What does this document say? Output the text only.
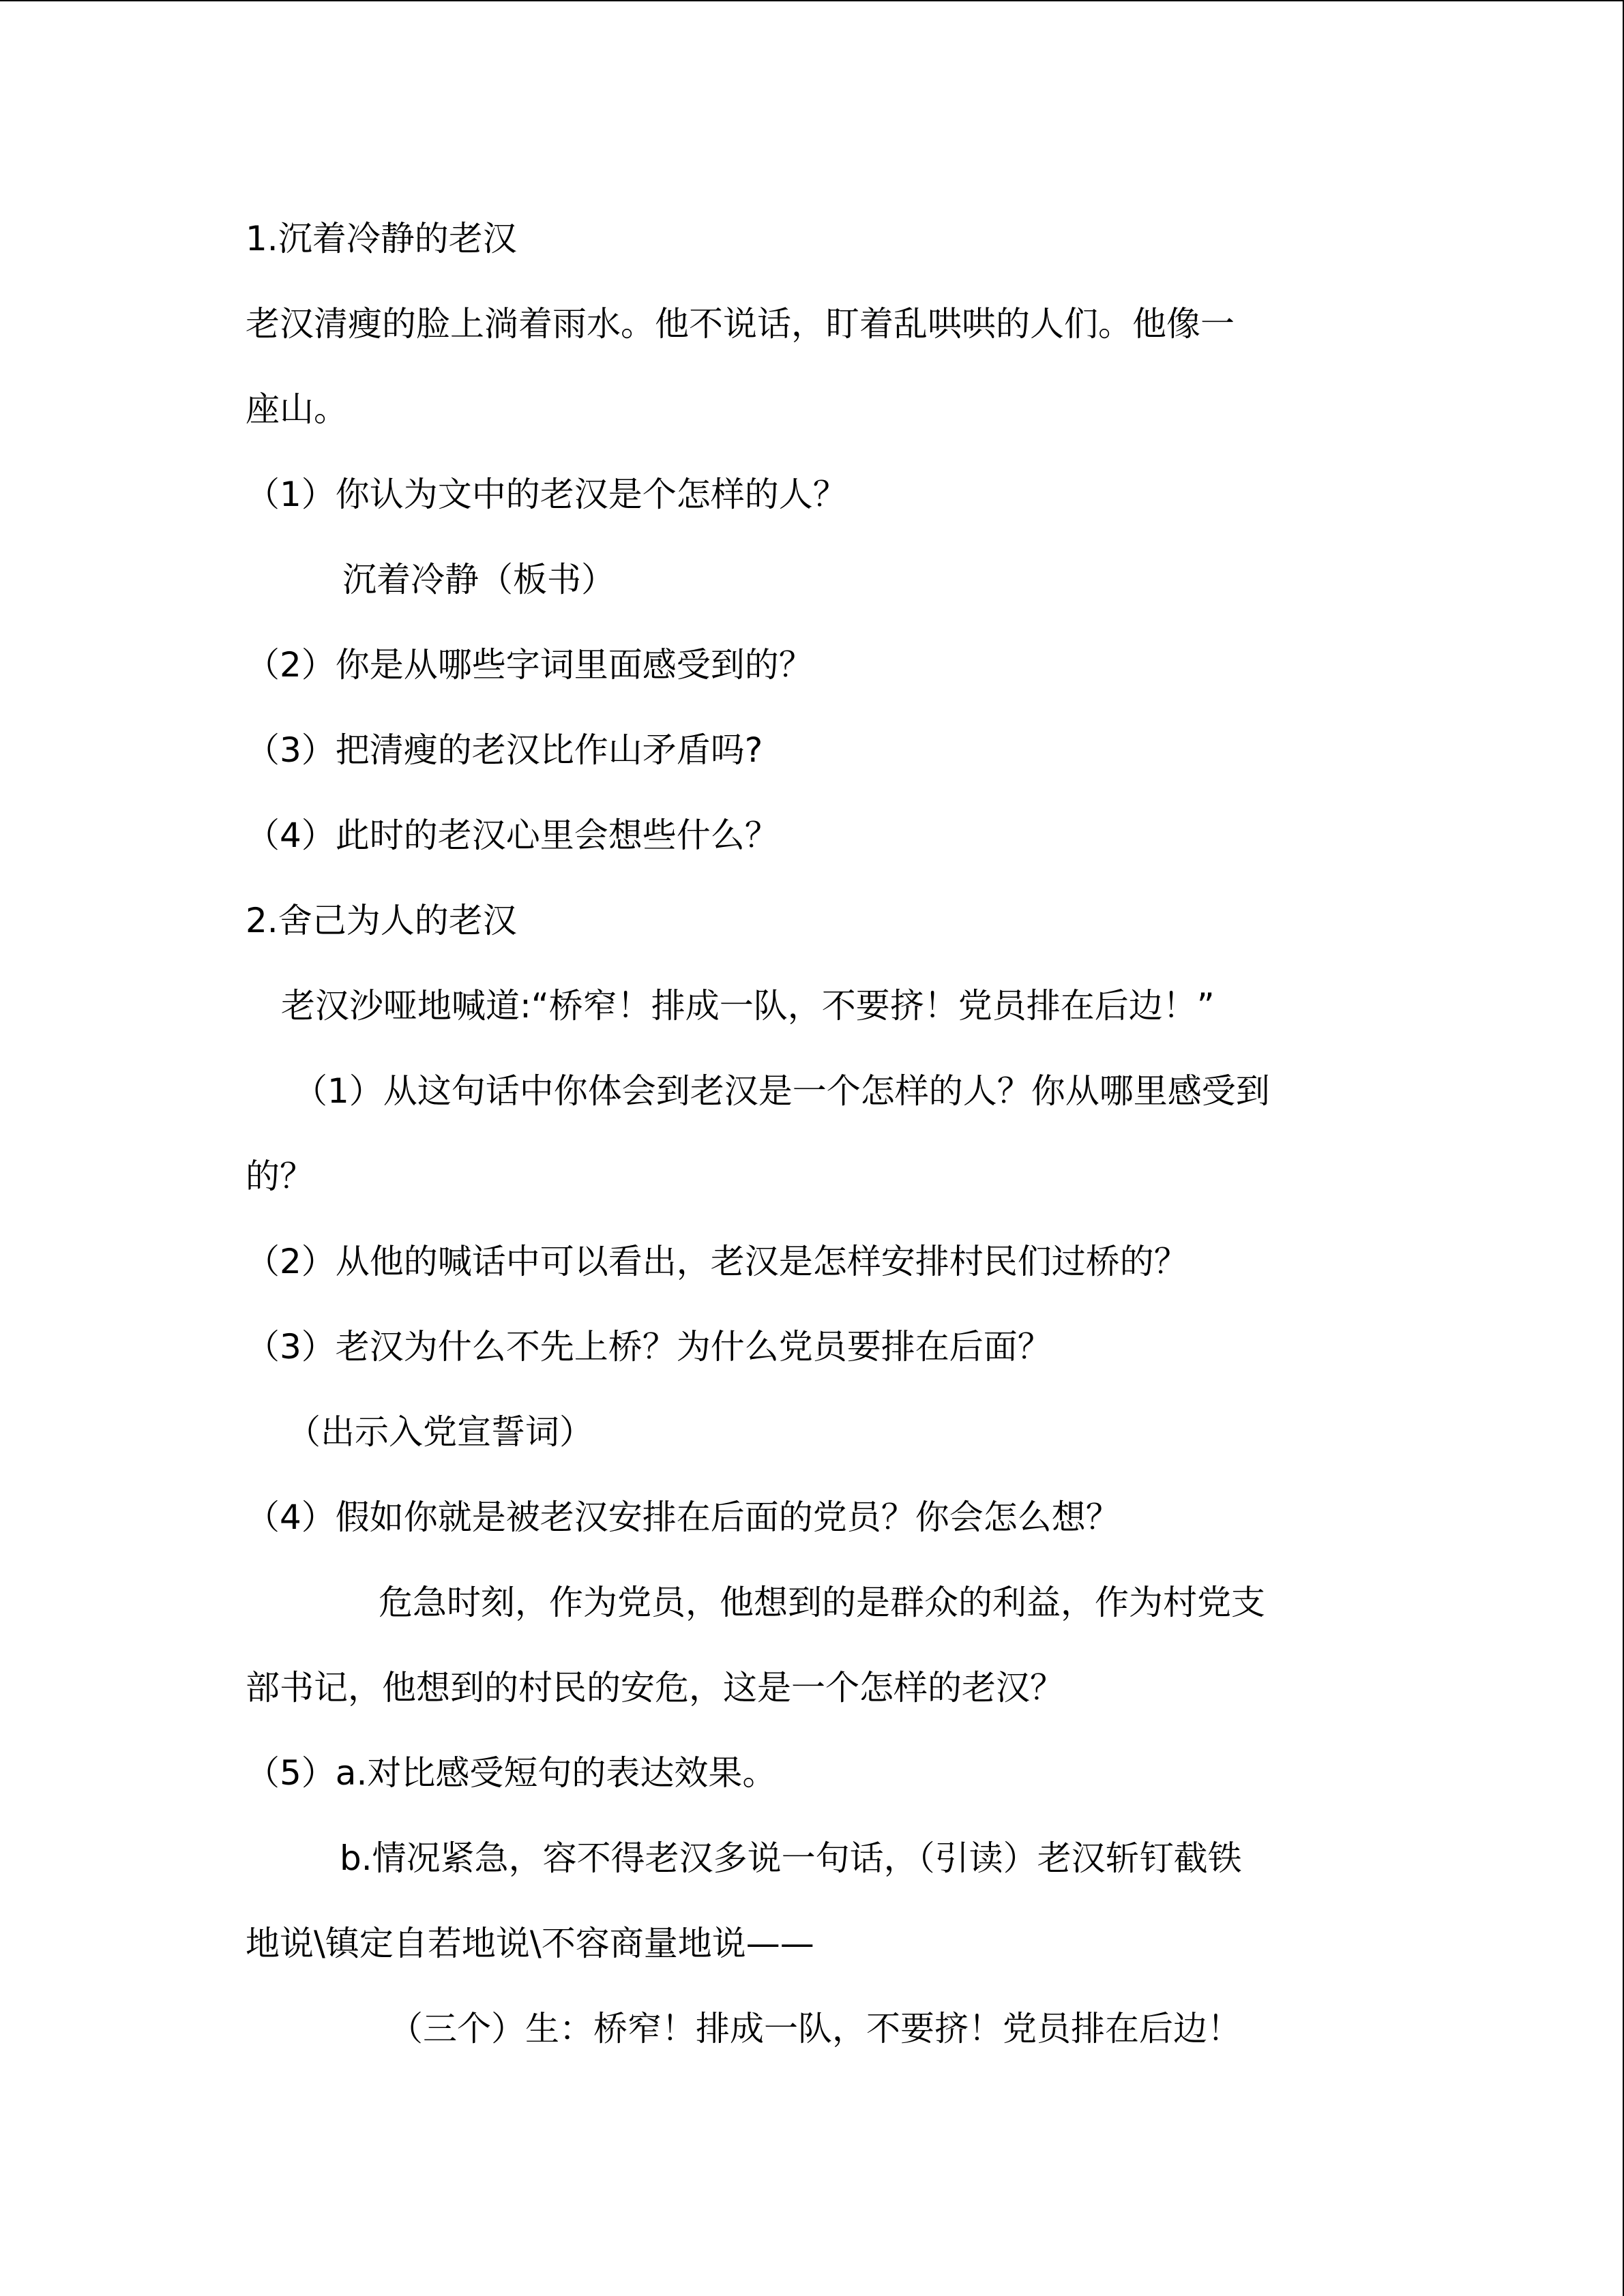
1.沉着冷静的老汉
老汉清瘦的脸上淌着雨水。他不说话，盯着乱哄哄的人们。他像一
座山。
（1）你认为文中的老汉是个怎样的人？
沉着冷静（板书）
（2）你是从哪些字词里面感受到的？
（3）把清瘦的老汉比作山矛盾吗?
（4）此时的老汉心里会想些什么？
2.舍己为人的老汉
老汉沙哑地喊道:“桥窄！排成一队，不要挤！党员排在后边！”
（1）从这句话中你体会到老汉是一个怎样的人？你从哪里感受到
的？
（2）从他的喊话中可以看出，老汉是怎样安排村民们过桥的？
（3）老汉为什么不先上桥？为什么党员要排在后面？
（出示入党宣誓词）
（4）假如你就是被老汉安排在后面的党员？你会怎么想？
危急时刻，作为党员，他想到的是群众的利益，作为村党支
部书记，他想到的村民的安危，这是一个怎样的老汉？
（5）a.对比感受短句的表达效果。
b.情况紧急，容不得老汉多说一句话，（引读）老汉斩钉截铁
地说\镇定自若地说\不容商量地说——
（三个）生：桥窄！排成一队，不要挤！党员排在后边！
